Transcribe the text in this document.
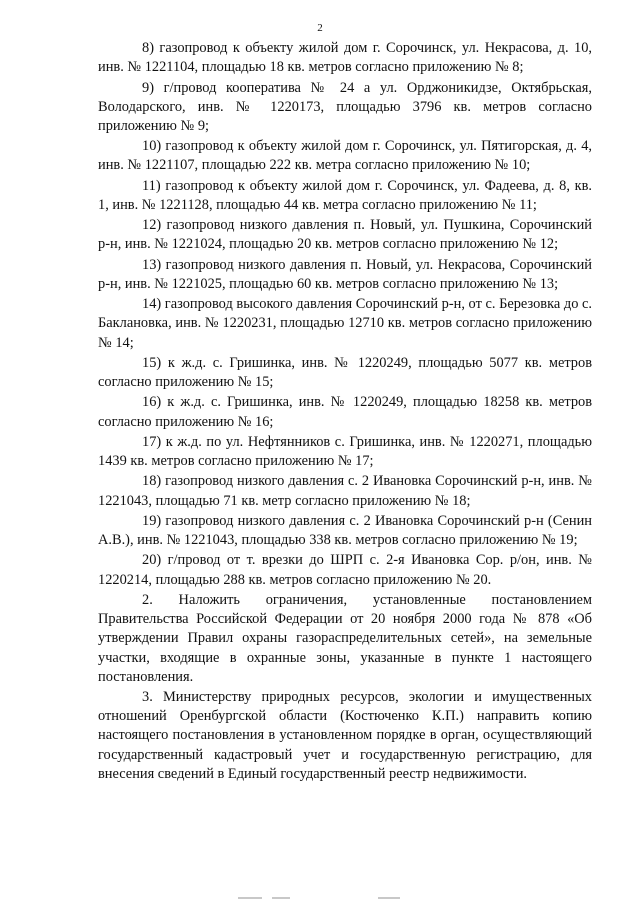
2

8) газопровод к объекту жилой дом г. Сорочинск, ул. Некрасова, д. 10, инв. № 1221104, площадью 18 кв. метров согласно приложению № 8;

9) г/провод кооператива № 24 а ул. Орджоникидзе, Октябрьская, Володарского, инв. № 1220173, площадью 3796 кв. метров согласно приложению № 9;

10) газопровод к объекту жилой дом г. Сорочинск, ул. Пятигорская, д. 4, инв. № 1221107, площадью 222 кв. метра согласно приложению № 10;

11) газопровод к объекту жилой дом г. Сорочинск, ул. Фадеева, д. 8, кв. 1, инв. № 1221128, площадью 44 кв. метра согласно приложению № 11;

12) газопровод низкого давления п. Новый, ул. Пушкина, Сорочинский р-н, инв. № 1221024, площадью 20 кв. метров согласно приложению № 12;

13) газопровод низкого давления п. Новый, ул. Некрасова, Сорочинский р-н, инв. № 1221025, площадью 60 кв. метров согласно приложению № 13;

14) газопровод высокого давления Сорочинский р-н, от с. Березовка до с. Баклановка, инв. № 1220231, площадью 12710 кв. метров согласно приложению № 14;

15) к ж.д. с. Гришинка, инв. № 1220249, площадью 5077 кв. метров согласно приложению № 15;

16) к ж.д. с. Гришинка, инв. № 1220249, площадью 18258 кв. метров согласно приложению № 16;

17) к ж.д. по ул. Нефтянников с. Гришинка, инв. № 1220271, площадью 1439 кв. метров согласно приложению № 17;

18) газопровод низкого давления с. 2 Ивановка Сорочинский р-н, инв. № 1221043, площадью 71 кв. метр согласно приложению № 18;

19) газопровод низкого давления с. 2 Ивановка Сорочинский р-н (Сенин А.В.), инв. № 1221043, площадью 338 кв. метров согласно приложению № 19;

20) г/провод от т. врезки до ШРП с. 2-я Ивановка Сор. р/он, инв. № 1220214, площадью 288 кв. метров согласно приложению № 20.

2. Наложить ограничения, установленные постановлением Правительства Российской Федерации от 20 ноября 2000 года № 878 «Об утверждении Правил охраны газораспределительных сетей», на земельные участки, входящие в охранные зоны, указанные в пункте 1 настоящего постановления.

3. Министерству природных ресурсов, экологии и имущественных отношений Оренбургской области (Костюченко К.П.) направить копию настоящего постановления в установленном порядке в орган, осуществляющий государственный кадастровый учет и государственную регистрацию, для внесения сведений в Единый государственный реестр недвижимости.
